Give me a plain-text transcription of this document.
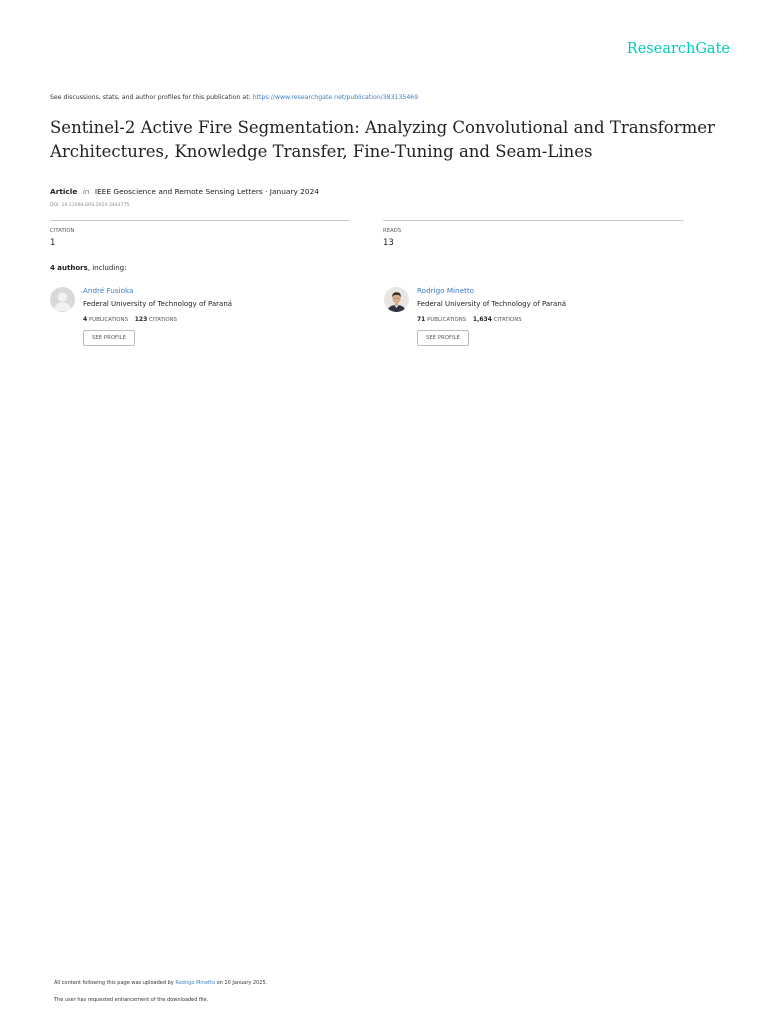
ResearchGate
See discussions, stats, and author profiles for this publication at: https://www.researchgate.net/publication/383135469
Sentinel-2 Active Fire Segmentation: Analyzing Convolutional and Transformer Architectures, Knowledge Transfer, Fine-Tuning and Seam-Lines
Article in IEEE Geoscience and Remote Sensing Letters · January 2024
DOI: 10.1109/LGRS.2024.3443775
CITATION
1
READS
13
4 authors, including:
André Fusioka
Federal University of Technology of Paraná
4 PUBLICATIONS 123 CITATIONS
SEE PROFILE
Rodrigo Minetto
Federal University of Technology of Paraná
71 PUBLICATIONS 1,634 CITATIONS
SEE PROFILE
All content following this page was uploaded by Rodrigo Minetto on 10 January 2025.
The user has requested enhancement of the downloaded file.
